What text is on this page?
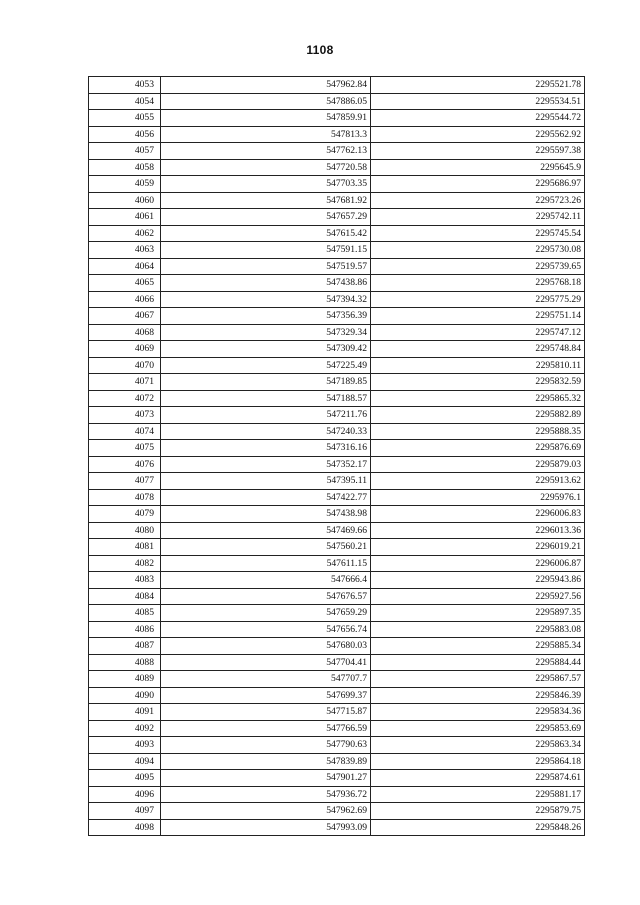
1108
4053	547962.84	2295521.78
4054	547886.05	2295534.51
4055	547859.91	2295544.72
4056	547813.3	2295562.92
4057	547762.13	2295597.38
4058	547720.58	2295645.9
4059	547703.35	2295686.97
4060	547681.92	2295723.26
4061	547657.29	2295742.11
4062	547615.42	2295745.54
4063	547591.15	2295730.08
4064	547519.57	2295739.65
4065	547438.86	2295768.18
4066	547394.32	2295775.29
4067	547356.39	2295751.14
4068	547329.34	2295747.12
4069	547309.42	2295748.84
4070	547225.49	2295810.11
4071	547189.85	2295832.59
4072	547188.57	2295865.32
4073	547211.76	2295882.89
4074	547240.33	2295888.35
4075	547316.16	2295876.69
4076	547352.17	2295879.03
4077	547395.11	2295913.62
4078	547422.77	2295976.1
4079	547438.98	2296006.83
4080	547469.66	2296013.36
4081	547560.21	2296019.21
4082	547611.15	2296006.87
4083	547666.4	2295943.86
4084	547676.57	2295927.56
4085	547659.29	2295897.35
4086	547656.74	2295883.08
4087	547680.03	2295885.34
4088	547704.41	2295884.44
4089	547707.7	2295867.57
4090	547699.37	2295846.39
4091	547715.87	2295834.36
4092	547766.59	2295853.69
4093	547790.63	2295863.34
4094	547839.89	2295864.18
4095	547901.27	2295874.61
4096	547936.72	2295881.17
4097	547962.69	2295879.75
4098	547993.09	2295848.26
